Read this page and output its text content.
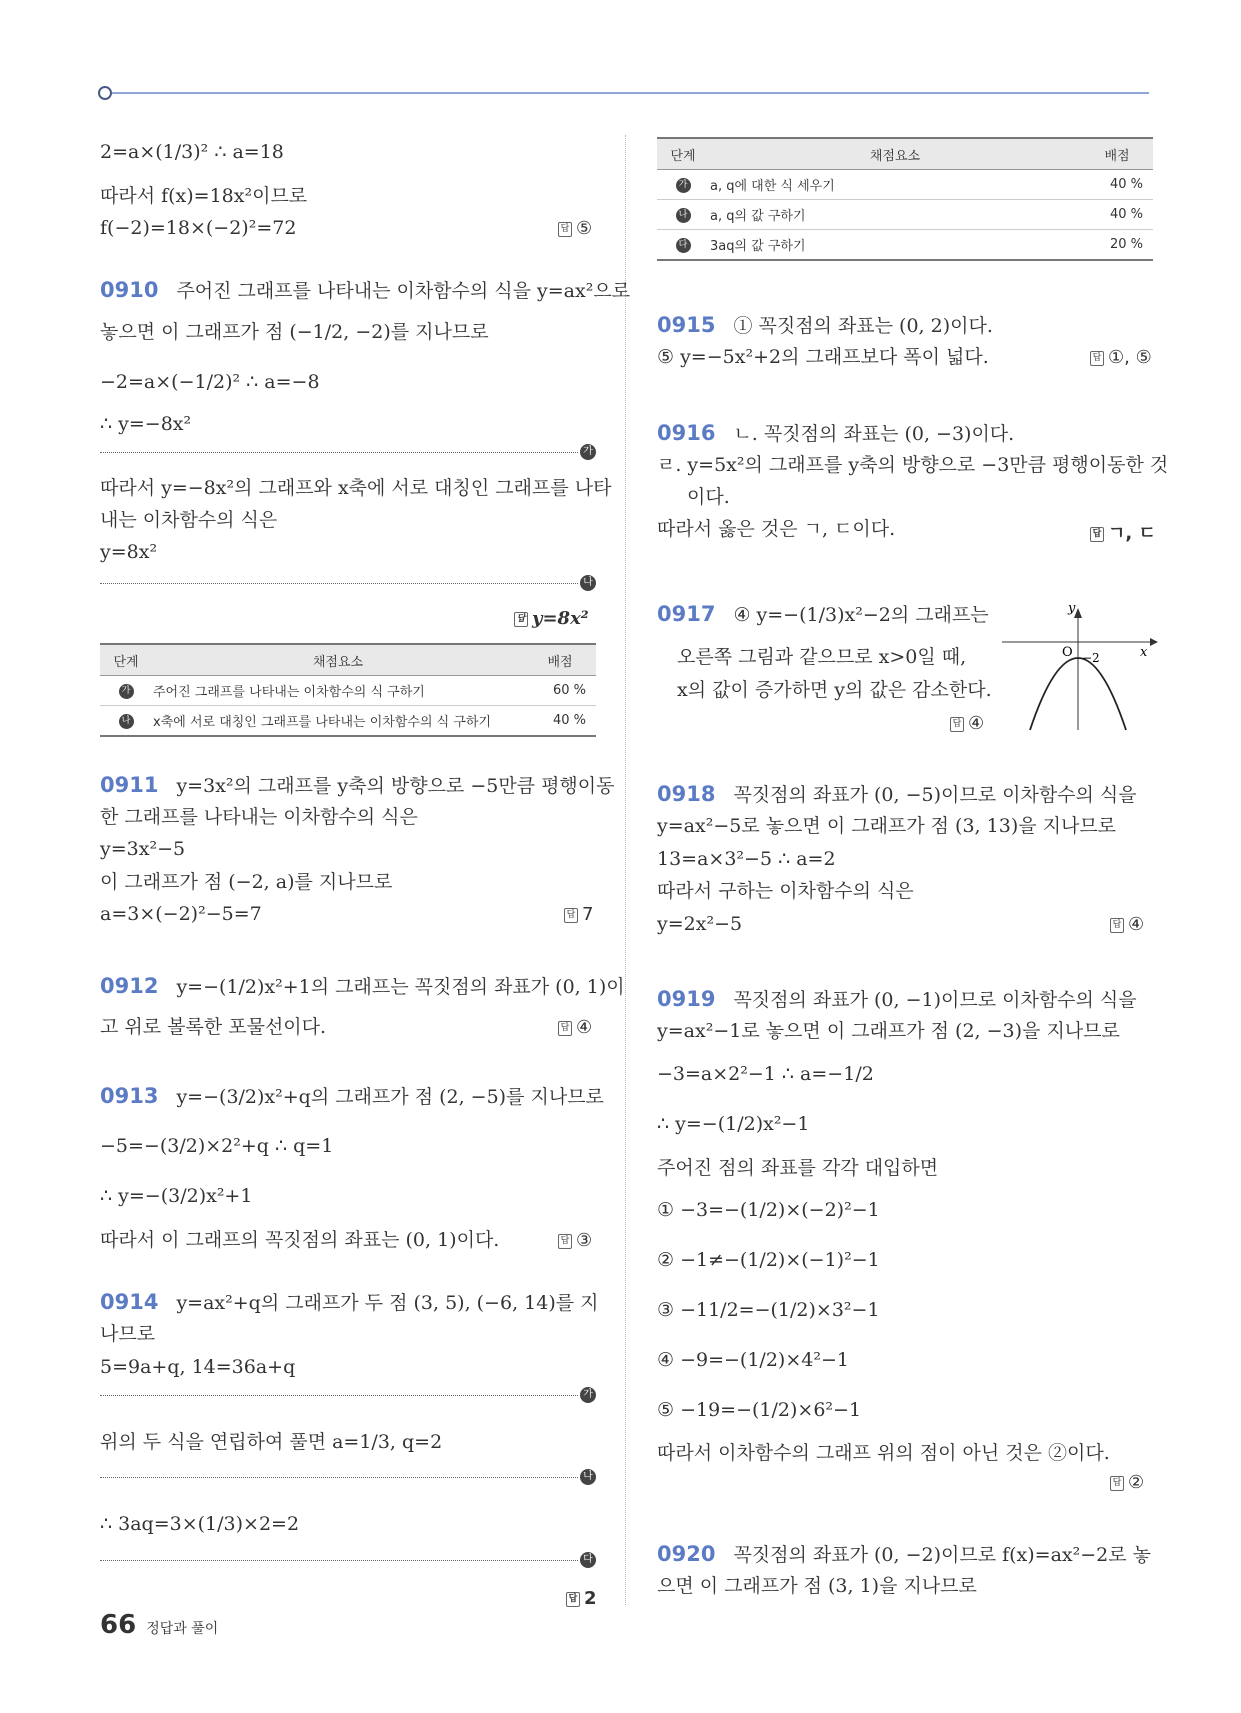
2=a×(1/3)² ∴ a=18
따라서 f(x)=18x²이므로
f(−2)=18×(−2)²=72	답 ⑤
0910 주어진 그래프를 나타내는 이차함수의 식을 y=ax²으로
놓으면 이 그래프가 점 (−1/2, −2)를 지나므로
−2=a×(−1/2)² ∴ a=−8
∴ y=−8x²
가
따라서 y=−8x²의 그래프와 x축에 서로 대칭인 그래프를 나타
내는 이차함수의 식은
y=8x²
나
답 y=8x²
단계	채점요소	배점
가	주어진 그래프를 나타내는 이차함수의 식 구하기	60 %
나	x축에 서로 대칭인 그래프를 나타내는 이차함수의 식 구하기	40 %
0911 y=3x²의 그래프를 y축의 방향으로 −5만큼 평행이동
한 그래프를 나타내는 이차함수의 식은
y=3x²−5
이 그래프가 점 (−2, a)를 지나므로
a=3×(−2)²−5=7	답 7
0912 y=−(1/2)x²+1의 그래프는 꼭짓점의 좌표가 (0, 1)이
고 위로 볼록한 포물선이다.	답 ④
0913 y=−(3/2)x²+q의 그래프가 점 (2, −5)를 지나므로
−5=−(3/2)×2²+q ∴ q=1
∴ y=−(3/2)x²+1
따라서 이 그래프의 꼭짓점의 좌표는 (0, 1)이다.	답 ③
0914 y=ax²+q의 그래프가 두 점 (3, 5), (−6, 14)를 지
나므로
5=9a+q, 14=36a+q
가
위의 두 식을 연립하여 풀면 a=1/3, q=2
나
∴ 3aq=3×(1/3)×2=2
다
답 2
단계	채점요소	배점
가	a, q에 대한 식 세우기	40 %
나	a, q의 값 구하기	40 %
다	3aq의 값 구하기	20 %
0915 ① 꼭짓점의 좌표는 (0, 2)이다.
⑤ y=−5x²+2의 그래프보다 폭이 넓다.	답 ①, ⑤
0916 ㄴ. 꼭짓점의 좌표는 (0, −3)이다.
ㄹ. y=5x²의 그래프를 y축의 방향으로 −3만큼 평행이동한 것
이다.
따라서 옳은 것은 ㄱ, ㄷ이다.	답 ㄱ, ㄷ
0917 ④ y=−(1/3)x²−2의 그래프는
오른쪽 그림과 같으므로 x>0일 때,
x의 값이 증가하면 y의 값은 감소한다.
답 ④
y
x
O −2
0918 꼭짓점의 좌표가 (0, −5)이므로 이차함수의 식을
y=ax²−5로 놓으면 이 그래프가 점 (3, 13)을 지나므로
13=a×3²−5 ∴ a=2
따라서 구하는 이차함수의 식은
y=2x²−5	답 ④
0919 꼭짓점의 좌표가 (0, −1)이므로 이차함수의 식을
y=ax²−1로 놓으면 이 그래프가 점 (2, −3)을 지나므로
−3=a×2²−1 ∴ a=−1/2
∴ y=−(1/2)x²−1
주어진 점의 좌표를 각각 대입하면
① −3=−(1/2)×(−2)²−1
② −1≠−(1/2)×(−1)²−1
③ −11/2=−(1/2)×3²−1
④ −9=−(1/2)×4²−1
⑤ −19=−(1/2)×6²−1
따라서 이차함수의 그래프 위의 점이 아닌 것은 ②이다.
답 ②
0920 꼭짓점의 좌표가 (0, −2)이므로 f(x)=ax²−2로 놓
으면 이 그래프가 점 (3, 1)을 지나므로
66 정답과 풀이
